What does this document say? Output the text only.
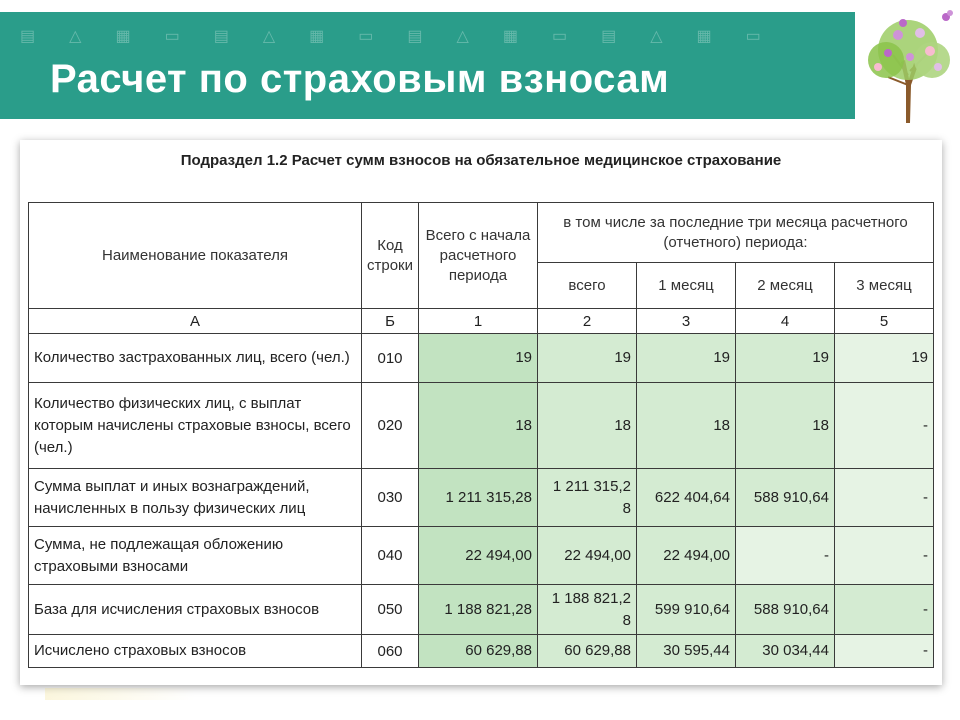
▤ △ ▦ ▭ ▤ △ ▦ ▭ ▤ △ ▦ ▭ ▤ △ ▦ ▭
Расчет по страховым взносам
Подраздел 1.2 Расчет сумм взносов на обязательное медицинское страхование
Наименование показателя	Код строки	Всего с начала расчетного периода	в том числе за последние три месяца расчетного (отчетного) периода:			
			всего	1 месяц	2 месяц	3 месяц
А	Б	1	2	3	4	5
Количество застрахованных лиц, всего (чел.)	010	19	19	19	19	19
Количество физических лиц, с выплат которым начислены страховые взносы, всего (чел.)	020	18	18	18	18	-
Сумма выплат и иных вознаграждений, начисленных в пользу физических лиц	030	1 211 315,28	1 211 315,2 8	622 404,64	588 910,64	-
Сумма, не подлежащая обложению страховыми взносами	040	22 494,00	22 494,00	22 494,00	-	-
База для исчисления страховых взносов	050	1 188 821,28	1 188 821,2 8	599 910,64	588 910,64	-
Исчислено страховых взносов	060	60 629,88	60 629,88	30 595,44	30 034,44	-
